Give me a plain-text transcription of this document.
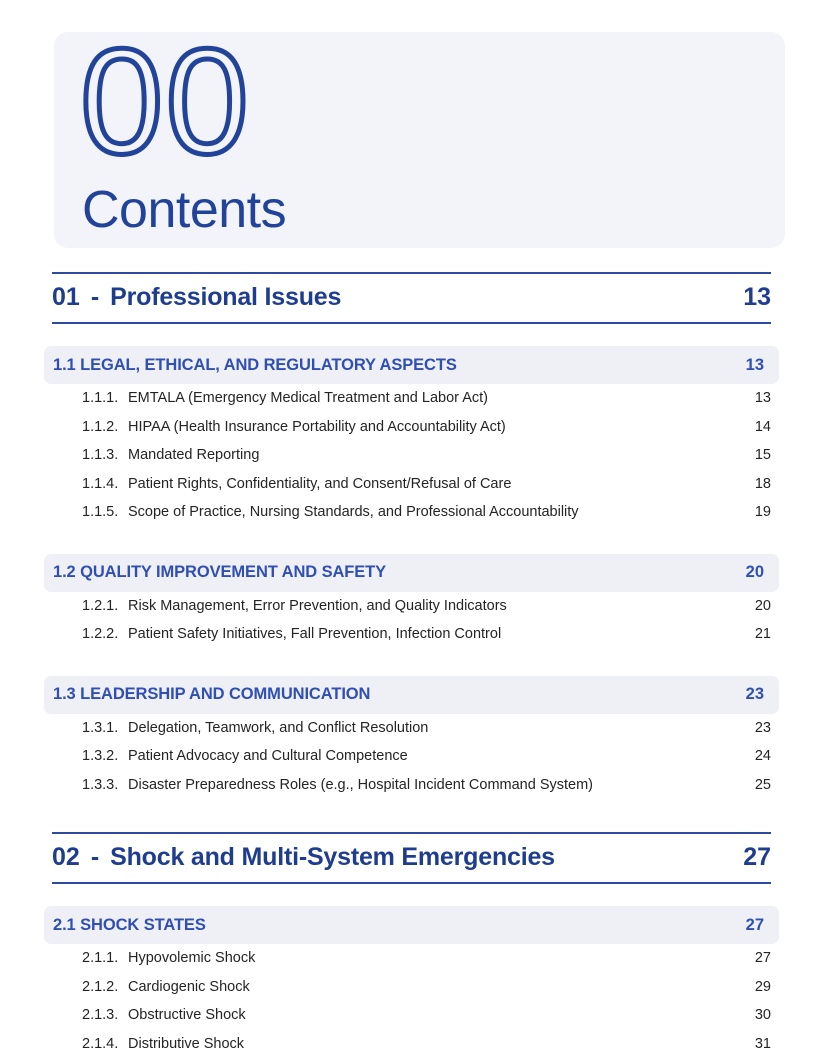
00
Contents
01 - Professional Issues	13
1.1 LEGAL, ETHICAL, AND REGULATORY ASPECTS	13
1.1.1. EMTALA (Emergency Medical Treatment and Labor Act)	13
1.1.2. HIPAA (Health Insurance Portability and Accountability Act)	14
1.1.3. Mandated Reporting	15
1.1.4. Patient Rights, Confidentiality, and Consent/Refusal of Care	18
1.1.5. Scope of Practice, Nursing Standards, and Professional Accountability	19
1.2 QUALITY IMPROVEMENT AND SAFETY	20
1.2.1. Risk Management, Error Prevention, and Quality Indicators	20
1.2.2. Patient Safety Initiatives, Fall Prevention, Infection Control	21
1.3 LEADERSHIP AND COMMUNICATION	23
1.3.1. Delegation, Teamwork, and Conflict Resolution	23
1.3.2. Patient Advocacy and Cultural Competence	24
1.3.3. Disaster Preparedness Roles (e.g., Hospital Incident Command System)	25
02 - Shock and Multi-System Emergencies	27
2.1 SHOCK STATES	27
2.1.1. Hypovolemic Shock	27
2.1.2. Cardiogenic Shock	29
2.1.3. Obstructive Shock	30
2.1.4. Distributive Shock	31
